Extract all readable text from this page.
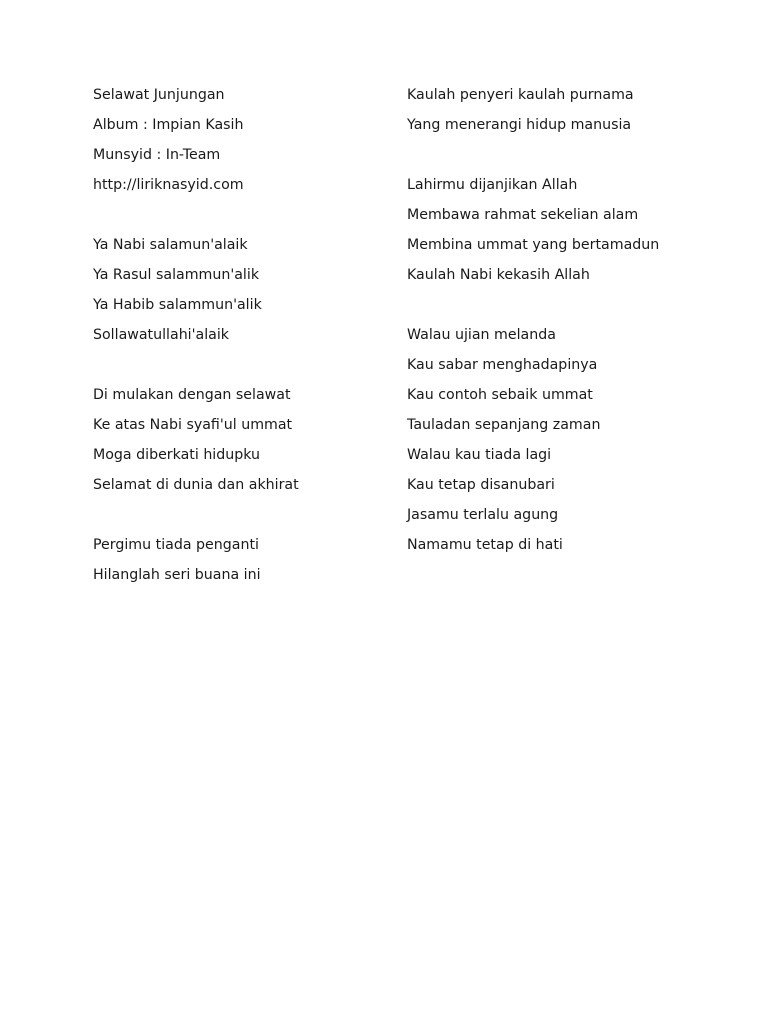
Selawat Junjungan
Album : Impian Kasih
Munsyid : In-Team
http://liriknasyid.com
Ya Nabi salamun'alaik
Ya Rasul salammun'alik
Ya Habib salammun'alik
Sollawatullahi'alaik
Di mulakan dengan selawat
Ke atas Nabi syafi'ul ummat
Moga diberkati hidupku
Selamat di dunia dan akhirat
Pergimu tiada penganti
Hilanglah seri buana ini
Kaulah penyeri kaulah purnama
Yang menerangi hidup manusia
Lahirmu dijanjikan Allah
Membawa rahmat sekelian alam
Membina ummat yang bertamadun
Kaulah Nabi kekasih Allah
Walau ujian melanda
Kau sabar menghadapinya
Kau contoh sebaik ummat
Tauladan sepanjang zaman
Walau kau tiada lagi
Kau tetap disanubari
Jasamu terlalu agung
Namamu tetap di hati
